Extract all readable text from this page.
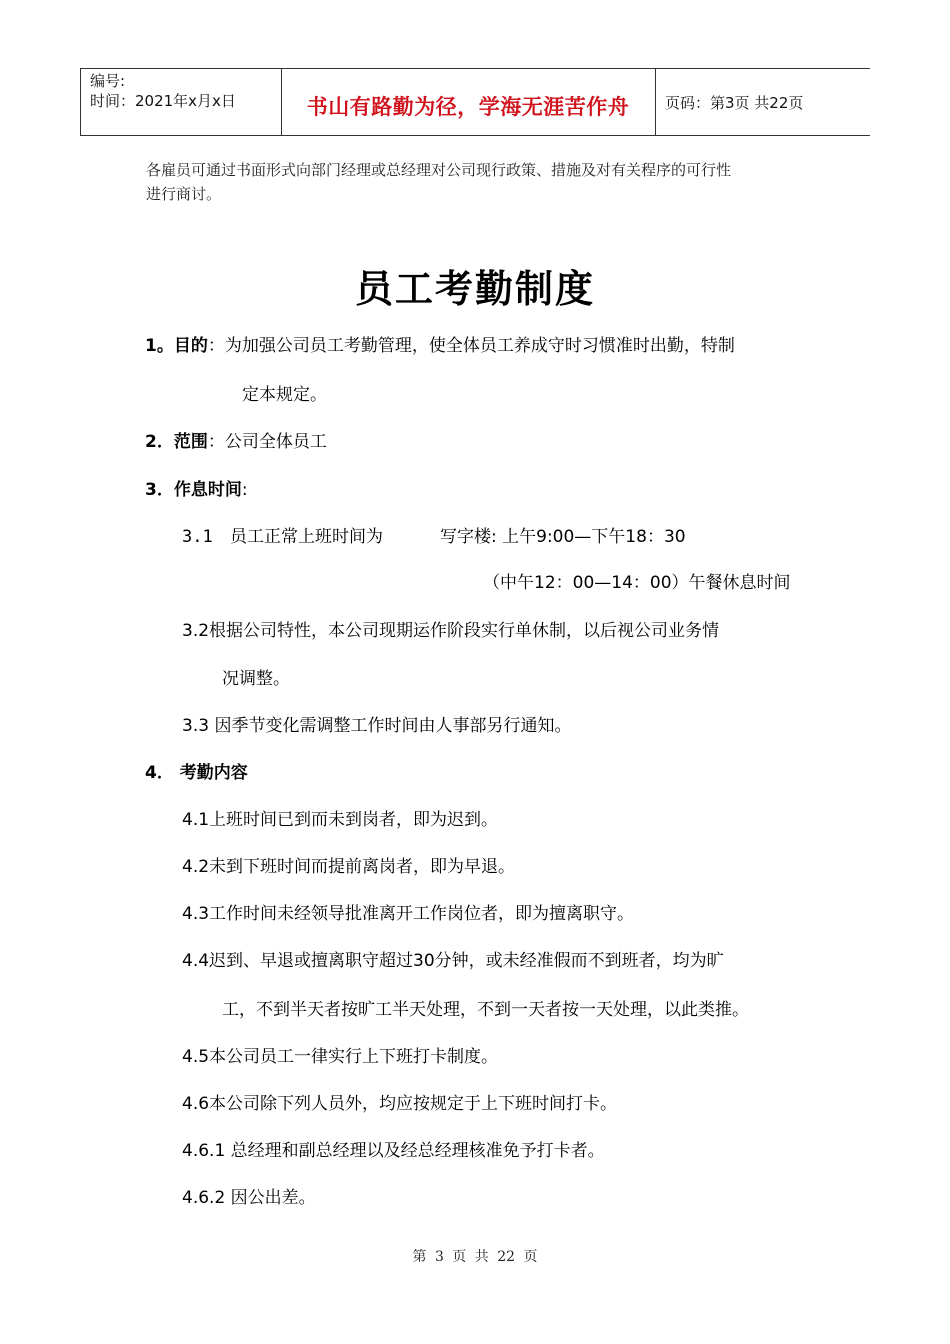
编号:
时间：2021年x月x日	书山有路勤为径，学海无涯苦作舟	页码：第3页 共22页
各雇员可通过书面形式向部门经理或总经理对公司现行政策、措施及对有关程序的可行性
进行商讨。
员工考勤制度
1。目的：为加强公司员工考勤管理，使全体员工养成守时习惯准时出勤，特制
定本规定。
2．范围：公司全体员工
3．作息时间:
3.1 员工正常上班时间为	写字楼: 上午9:00—下午18：30
（中午12：00—14：00）午餐休息时间
3.2根据公司特性，本公司现期运作阶段实行单休制，以后视公司业务情
况调整。
3.3 因季节变化需调整工作时间由人事部另行通知。
4． 考勤内容
4.1上班时间已到而未到岗者，即为迟到。
4.2未到下班时间而提前离岗者，即为早退。
4.3工作时间未经领导批准离开工作岗位者，即为擅离职守。
4.4迟到、早退或擅离职守超过30分钟，或未经准假而不到班者，均为旷
工，不到半天者按旷工半天处理，不到一天者按一天处理，以此类推。
4.5本公司员工一律实行上下班打卡制度。
4.6本公司除下列人员外，均应按规定于上下班时间打卡。
4.6.1 总经理和副总经理以及经总经理核准免予打卡者。
4.6.2 因公出差。
第 3 页 共 22 页
